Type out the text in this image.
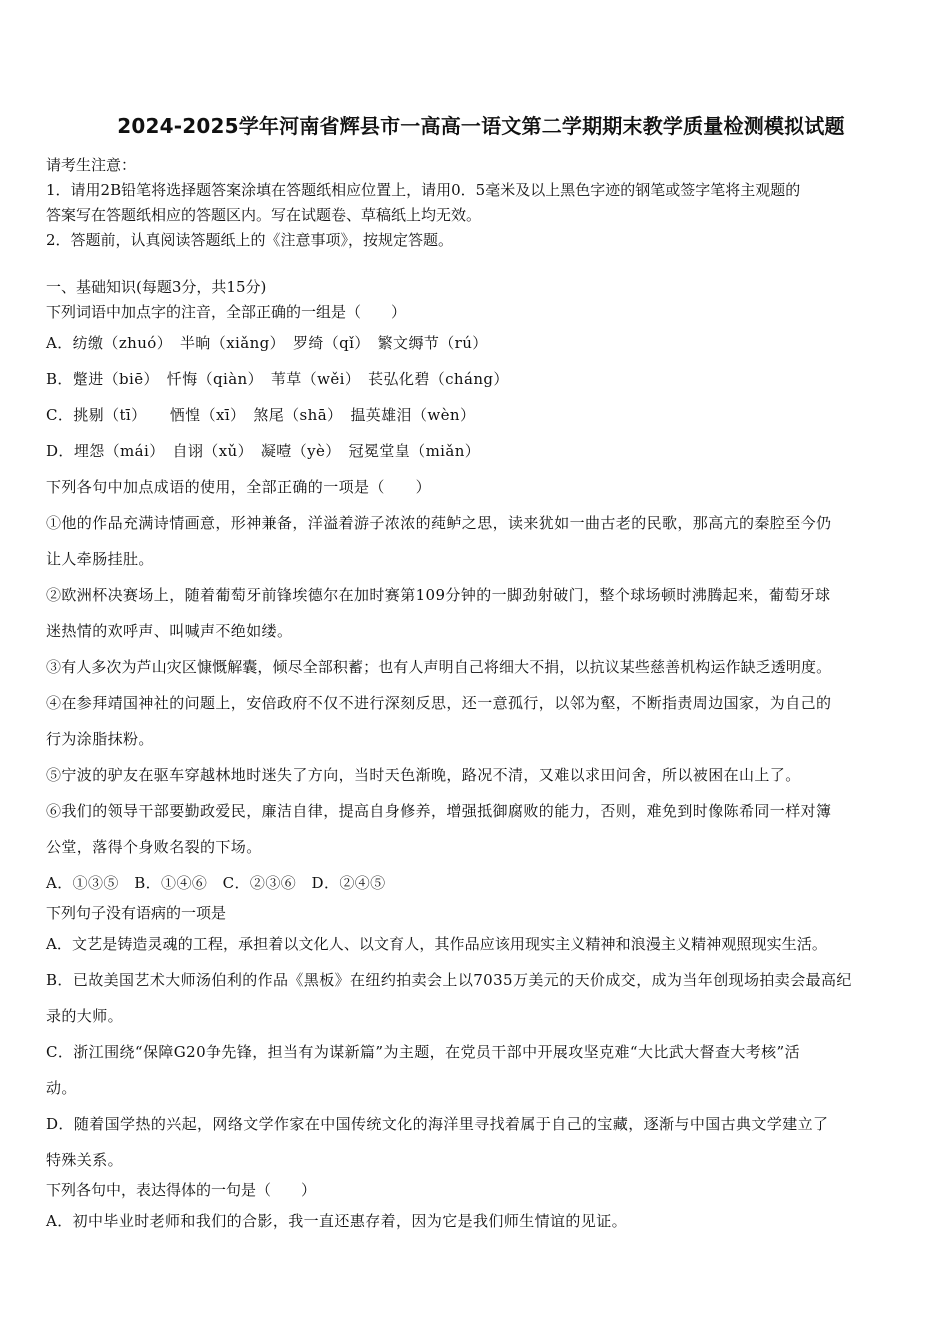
2024-2025学年河南省辉县市一高高一语文第二学期期末教学质量检测模拟试题

请考生注意：

1．请用2B铅笔将选择题答案涂填在答题纸相应位置上，请用0．5毫米及以上黑色字迹的钢笔或签字笔将主观题的

答案写在答题纸相应的答题区内。写在试题卷、草稿纸上均无效。

2．答题前，认真阅读答题纸上的《注意事项》，按规定答题。

一、基础知识(每题3分，共15分)

下列词语中加点字的注音，全部正确的一组是（　　）

A．纺缴（zhuó）　半晌（xiǎng）　罗绮（qǐ）　繁文缛节（rú）

B．蹩进（biē）　忏悔（qiàn）　苇草（wěi）　苌弘化碧（cháng）

C．挑剔（tī）　　恓惶（xī）　煞尾（shā）　揾英雄泪（wèn）

D．埋怨（mái）　自诩（xǔ）　凝噎（yè）　冠冕堂皇（miǎn）

下列各句中加点成语的使用，全部正确的一项是（　　）

①他的作品充满诗情画意，形神兼备，洋溢着游子浓浓的莼鲈之思，读来犹如一曲古老的民歌，那高亢的秦腔至今仍

让人牵肠挂肚。

②欧洲杯决赛场上，随着葡萄牙前锋埃德尔在加时赛第109分钟的一脚劲射破门，整个球场顿时沸腾起来，葡萄牙球

迷热情的欢呼声、叫喊声不绝如缕。

③有人多次为芦山灾区慷慨解囊，倾尽全部积蓄；也有人声明自己将细大不捐，以抗议某些慈善机构运作缺乏透明度。

④在参拜靖国神社的问题上，安倍政府不仅不进行深刻反思，还一意孤行，以邻为壑，不断指责周边国家，为自己的

行为涂脂抹粉。

⑤宁波的驴友在驱车穿越林地时迷失了方向，当时天色渐晚，路况不清，又难以求田问舍，所以被困在山上了。

⑥我们的领导干部要勤政爱民，廉洁自律，提高自身修养，增强抵御腐败的能力，否则，难免到时像陈希同一样对簿

公堂，落得个身败名裂的下场。

A．①③⑤　B．①④⑥　C．②③⑥　D．②④⑤

下列句子没有语病的一项是

A．文艺是铸造灵魂的工程，承担着以文化人、以文育人，其作品应该用现实主义精神和浪漫主义精神观照现实生活。

B．已故美国艺术大师汤伯利的作品《黑板》在纽约拍卖会上以7035万美元的天价成交，成为当年创现场拍卖会最高纪

录的大师。

C．浙江围绕“保障G20争先锋，担当有为谋新篇”为主题，在党员干部中开展攻坚克难“大比武大督查大考核”活

动。

D．随着国学热的兴起，网络文学作家在中国传统文化的海洋里寻找着属于自己的宝藏，逐渐与中国古典文学建立了

特殊关系。

下列各句中，表达得体的一句是（　　）

A．初中毕业时老师和我们的合影，我一直还惠存着，因为它是我们师生情谊的见证。
